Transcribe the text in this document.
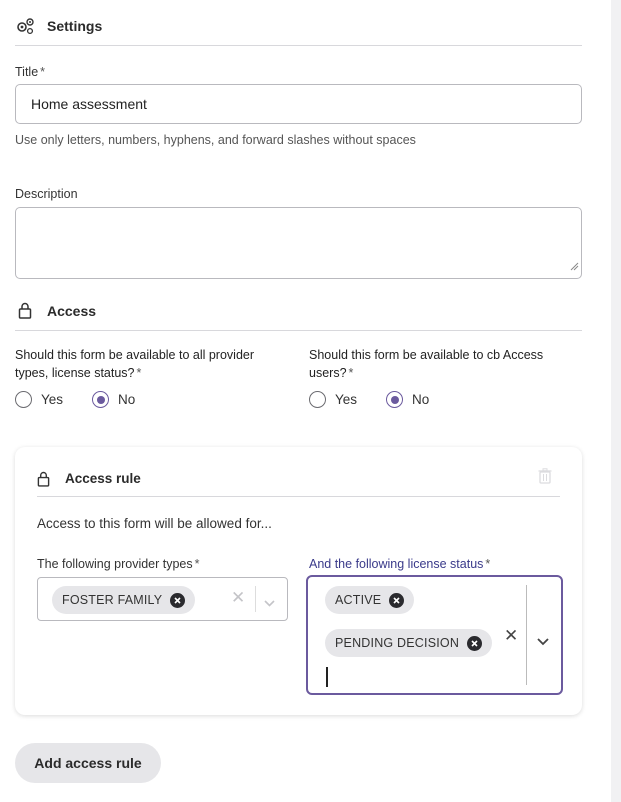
Settings
Title *
Home assessment
Use only letters, numbers, hyphens, and forward slashes without spaces
Description
Access
Should this form be available to all provider types, license status? *
Yes	No
Should this form be available to cb Access users? *
Yes	No
Access rule
Access to this form will be allowed for...
The following provider types *
FOSTER FAMILY	✕
And the following license status *
ACTIVE
PENDING DECISION	✕
Add access rule
